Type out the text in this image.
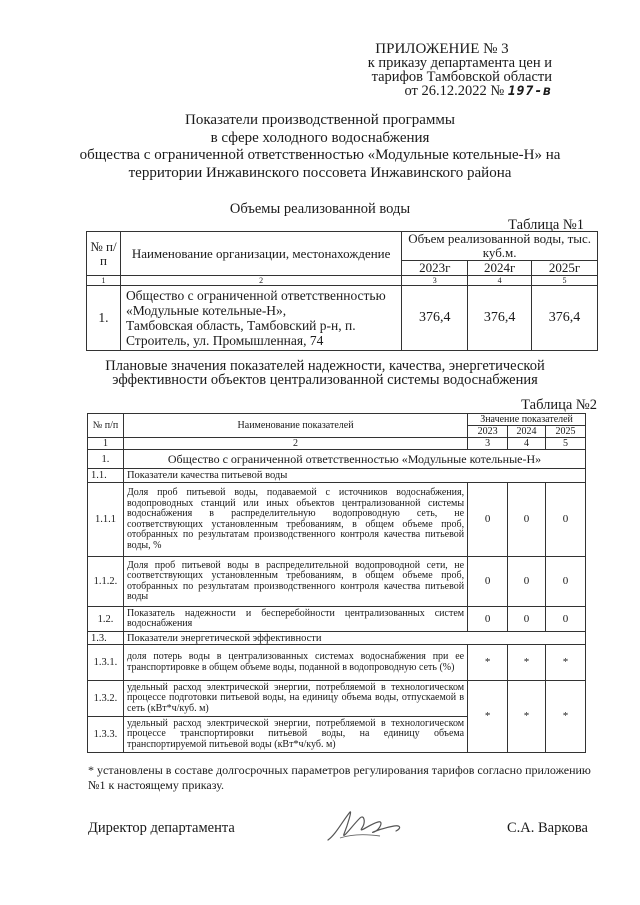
ПРИЛОЖЕНИЕ № 3
к приказу департамента цен и
тарифов Тамбовской области
от 26.12.2022 № 197-в
Показатели производственной программы
в сфере холодного водоснабжения
общества с ограниченной ответственностью «Модульные котельные-Н» на
территории Инжавинского поссовета Инжавинского района
Объемы реализованной воды
Таблица №1
№ п/п	Наименование организации, местонахождение	Объем реализованной воды, тыс. куб.м.		
		2023г	2024г	2025г
1	2	3	4	5
1.	Общество с ограниченной ответственностью
«Модульные котельные-Н»,
Тамбовская область, Тамбовский р-н, п.
Строитель, ул. Промышленная, 74	376,4	376,4	376,4
Плановые значения показателей надежности, качества, энергетической
эффективности объектов централизованной системы водоснабжения
Таблица №2
№ п/п	Наименование показателей	Значение показателей		
		2023	2024	2025
1	2	3	4	5
1.	Общество с ограниченной ответственностью «Модульные котельные-Н»			
1.1.	Показатели качества питьевой воды			
1.1.1	Доля проб питьевой воды, подаваемой с источников водоснабжения, водопроводных станций или иных объектов централизованной системы водоснабжения в распределительную водопроводную сеть, не соответствующих установленным требованиям, в общем объеме проб, отобранных по результатам производственного контроля качества питьевой воды, %	0	0	0
1.1.2.	Доля проб питьевой воды в распределительной водопроводной сети, не соответствующих установленным требованиям, в общем объеме проб, отобранных по результатам производственного контроля качества питьевой воды	0	0	0
1.2.	Показатель надежности и бесперебойности централизованных систем водоснабжения	0	0	0
1.3.	Показатели энергетической эффективности			
1.3.1.	доля потерь воды в централизованных системах водоснабжения при ее транспортировке в общем объеме воды, поданной в водопроводную сеть (%)	*	*	*
1.3.2.	удельный расход электрической энергии, потребляемой в технологическом процессе подготовки питьевой воды, на единицу объема воды, отпускаемой в сеть (кВт*ч/куб. м)	*	*	*
1.3.3.	удельный расход электрической энергии, потребляемой в технологическом процессе транспортировки питьевой воды, на единицу объема транспортируемой питьевой воды (кВт*ч/куб. м)			
* установлены в составе долгосрочных параметров регулирования тарифов согласно приложению №1 к настоящему приказу.
Директор департамента	С.А. Варкова
